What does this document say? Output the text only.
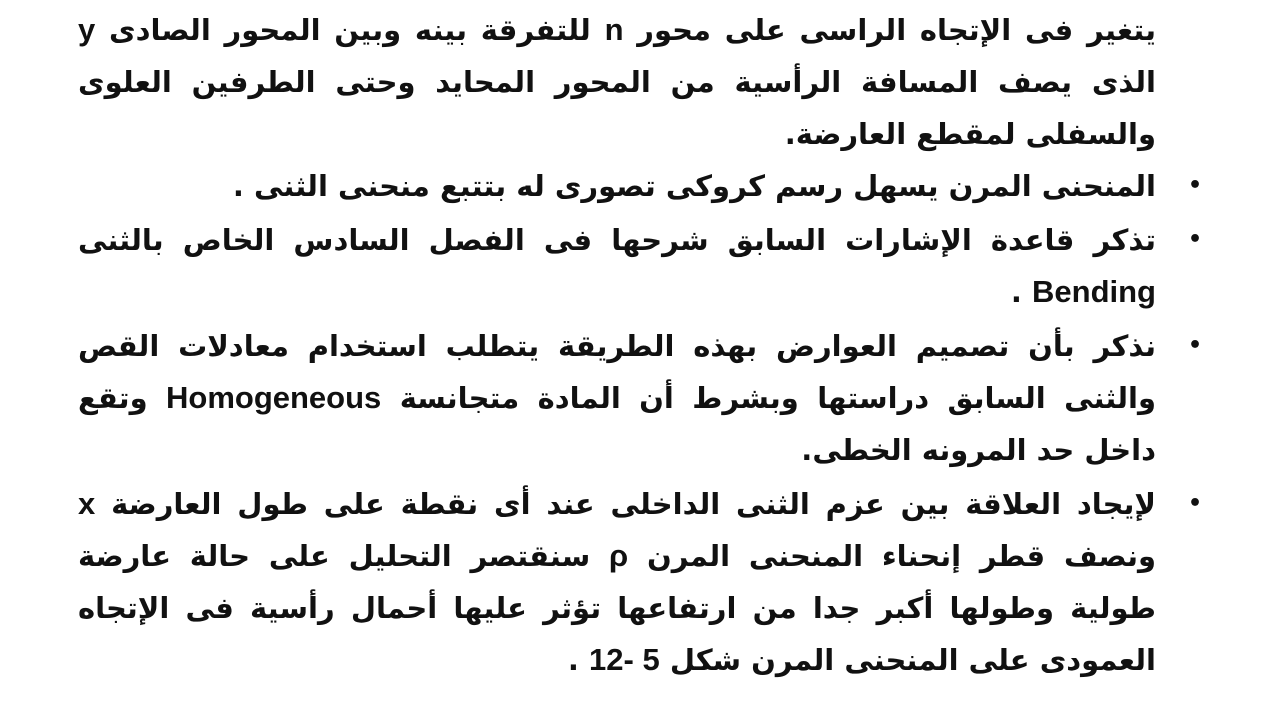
يتغير فى الإتجاه الراسى على محور n للتفرقة بينه وبين المحور الصادى y الذى يصف المسافة الرأسية من المحور المحايد وحتى الطرفين العلوى والسفلى لمقطع العارضة.

•
المنحنى المرن يسهل رسم كروكى تصورى له بتتبع منحنى الثنى .
•
تذكر قاعدة الإشارات السابق شرحها فى الفصل السادس الخاص بالثنى Bending .
•
نذكر بأن تصميم العوارض بهذه الطريقة يتطلب استخدام معادلات القص والثنى السابق دراستها وبشرط أن المادة متجانسة Homogeneous وتقع داخل حد المرونه الخطى.
•
لإيجاد العلاقة بين عزم الثنى الداخلى عند أى نقطة على طول العارضة x ونصف قطر إنحناء المنحنى المرن ρ سنقتصر التحليل على حالة عارضة طولية وطولها أكبر جدا من ارتفاعها تؤثر عليها أحمال رأسية فى الإتجاه العمودى على المنحنى المرن شكل 12- 5 .
